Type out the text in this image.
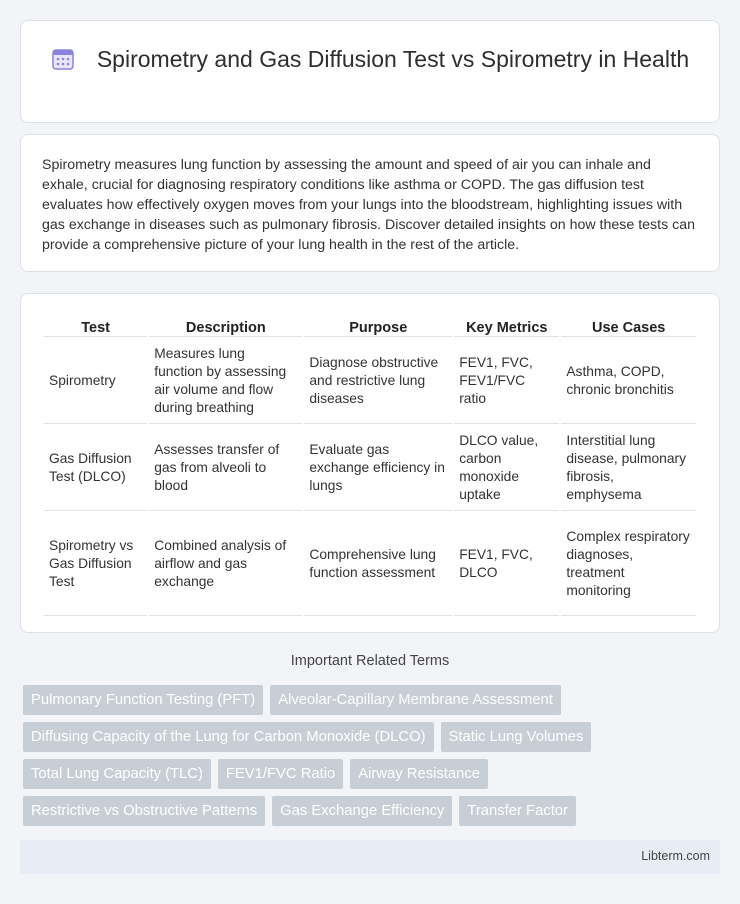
Spirometry and Gas Diffusion Test vs Spirometry in Health

Spirometry measures lung function by assessing the amount and speed of air you can inhale and exhale, crucial for diagnosing respiratory conditions like asthma or COPD. The gas diffusion test evaluates how effectively oxygen moves from your lungs into the bloodstream, highlighting issues with gas exchange in diseases such as pulmonary fibrosis. Discover detailed insights on how these tests can provide a comprehensive picture of your lung health in the rest of the article.

Test	Description	Purpose	Key Metrics	Use Cases
Spirometry	Measures lung function by assessing air volume and flow during breathing	Diagnose obstructive and restrictive lung diseases	FEV1, FVC, FEV1/FVC ratio	Asthma, COPD, chronic bronchitis
Gas Diffusion Test (DLCO)	Assesses transfer of gas from alveoli to blood	Evaluate gas exchange efficiency in lungs	DLCO value, carbon monoxide uptake	Interstitial lung disease, pulmonary fibrosis, emphysema
Spirometry vs Gas Diffusion Test	Combined analysis of airflow and gas exchange	Comprehensive lung function assessment	FEV1, FVC, DLCO	Complex respiratory diagnoses, treatment monitoring
Important Related Terms
Pulmonary Function Testing (PFT)	Alveolar-Capillary Membrane Assessment
Diffusing Capacity of the Lung for Carbon Monoxide (DLCO)	Static Lung Volumes
Total Lung Capacity (TLC)	FEV1/FVC Ratio	Airway Resistance
Restrictive vs Obstructive Patterns	Gas Exchange Efficiency	Transfer Factor
Libterm.com
